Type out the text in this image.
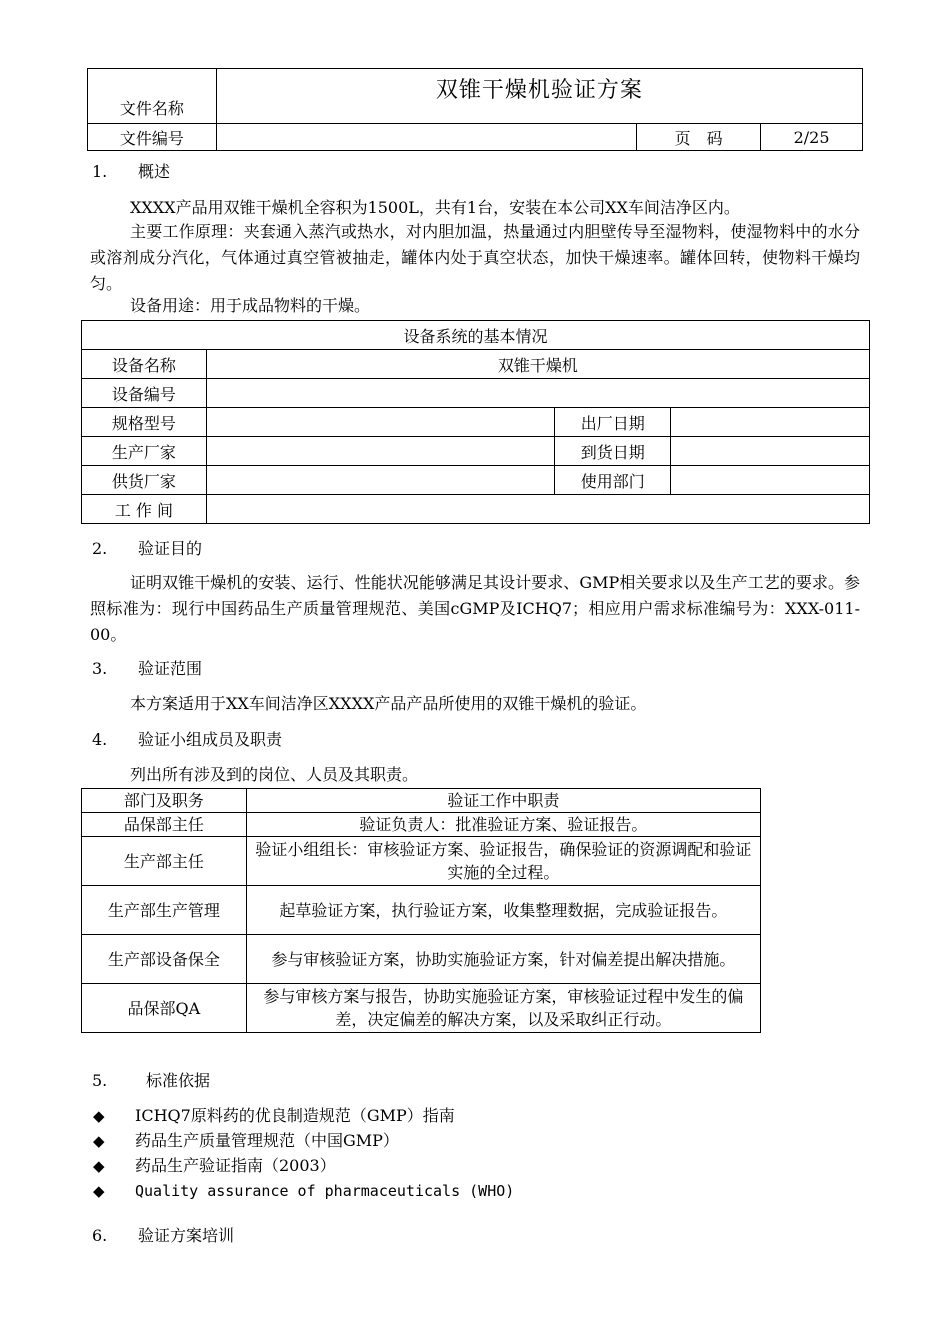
文件名称	双锥干燥机验证方案		
文件编号		页　码	2/25

1. 概述

XXXX产品用双锥干燥机全容积为1500L，共有1台，安装在本公司XX车间洁净区内。

主要工作原理：夹套通入蒸汽或热水，对内胆加温，热量通过内胆壁传导至湿物料，使湿物料中的水分或溶剂成分汽化，气体通过真空管被抽走，罐体内处于真空状态，加快干燥速率。罐体回转，使物料干燥均匀。

设备用途：用于成品物料的干燥。

设备系统的基本情况			
设备名称	双锥干燥机		
设备编号			
规格型号		出厂日期	
生产厂家		到货日期	
供货厂家		使用部门	
工 作 间			

2. 验证目的

证明双锥干燥机的安装、运行、性能状况能够满足其设计要求、GMP相关要求以及生产工艺的要求。参照标准为：现行中国药品生产质量管理规范、美国cGMP及ICHQ7；相应用户需求标准编号为：XXX-011-00。

3. 验证范围

本方案适用于XX车间洁净区XXXX产品产品所使用的双锥干燥机的验证。

4. 验证小组成员及职责

列出所有涉及到的岗位、人员及其职责。

部门及职务	验证工作中职责
品保部主任	验证负责人：批准验证方案、验证报告。
生产部主任	验证小组组长：审核验证方案、验证报告，确保验证的资源调配和验证实施的全过程。
生产部生产管理	起草验证方案，执行验证方案，收集整理数据，完成验证报告。
生产部设备保全	参与审核验证方案，协助实施验证方案，针对偏差提出解决措施。
品保部QA	参与审核方案与报告，协助实施验证方案，审核验证过程中发生的偏差，决定偏差的解决方案，以及采取纠正行动。

5. 标准依据

◆ ICHQ7原料药的优良制造规范（GMP）指南
◆ 药品生产质量管理规范（中国GMP）
◆ 药品生产验证指南（2003）
◆ Quality assurance of pharmaceuticals (WHO)

6. 验证方案培训
